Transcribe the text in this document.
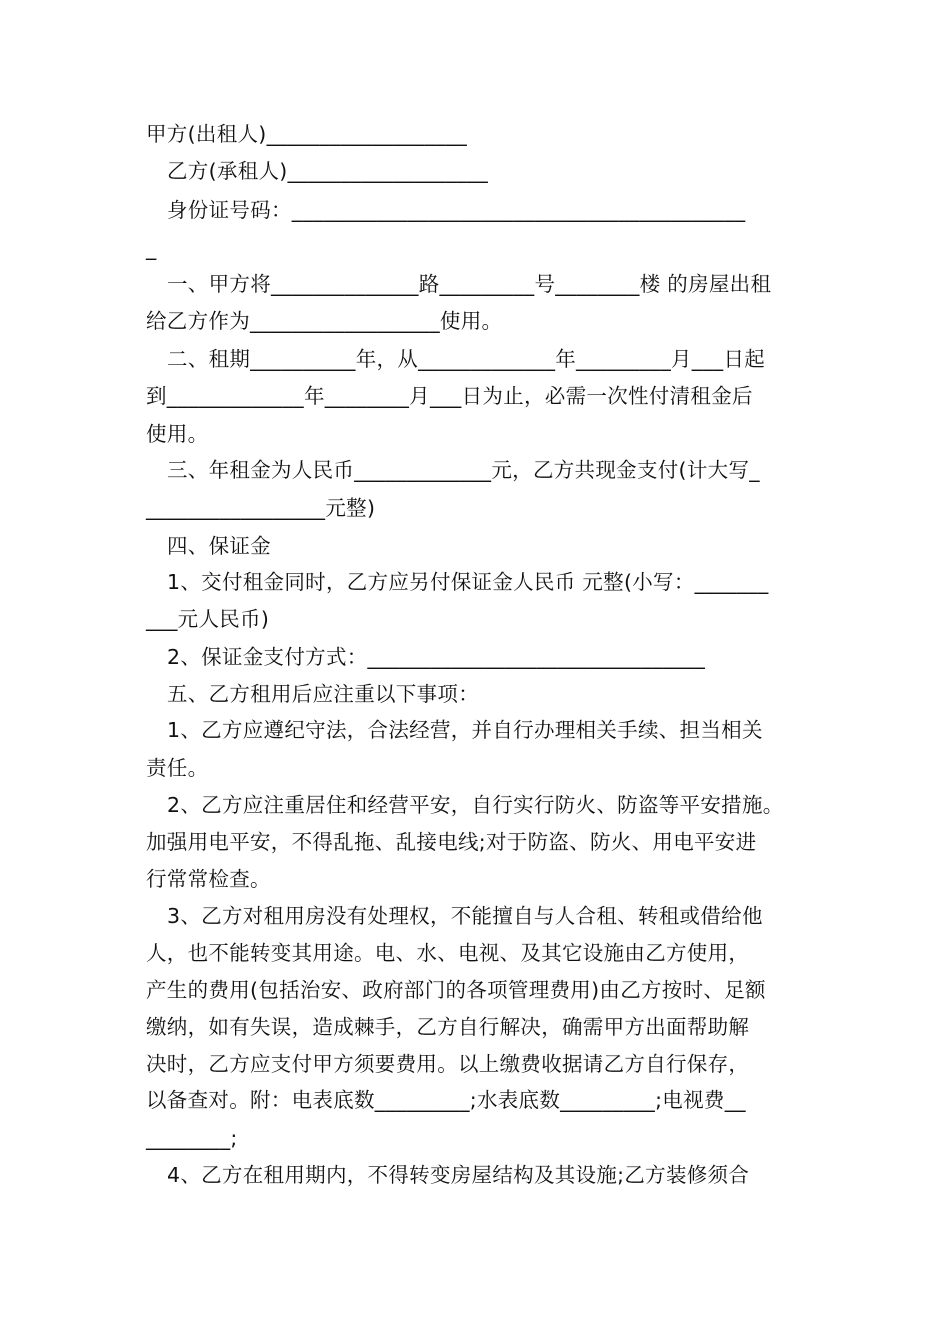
甲方(出租人)___________________
乙方(承租人)___________________
身份证号码：___________________________________________
_
一、甲方将______________路_________号________楼 的房屋出租
给乙方作为__________________使用。
二、租期__________年，从_____________年_________月___日起
到_____________年________月___日为止，必需一次性付清租金后
使用。
三、年租金为人民币_____________元，乙方共现金支付(计大写_
_________________元整)
四、保证金
1、交付租金同时，乙方应另付保证金人民币 元整(小写：_______
___元人民币)
2、保证金支付方式：________________________________
五、乙方租用后应注重以下事项：
1、乙方应遵纪守法，合法经营，并自行办理相关手续、担当相关
责任。
2、乙方应注重居住和经营平安，自行实行防火、防盗等平安措施。
加强用电平安，不得乱拖、乱接电线;对于防盗、防火、用电平安进
行常常检查。
3、乙方对租用房没有处理权，不能擅自与人合租、转租或借给他
人，也不能转变其用途。电、水、电视、及其它设施由乙方使用，
产生的费用(包括治安、政府部门的各项管理费用)由乙方按时、足额
缴纳，如有失误，造成棘手，乙方自行解决，确需甲方出面帮助解
决时，乙方应支付甲方须要费用。以上缴费收据请乙方自行保存，
以备查对。附：电表底数_________;水表底数_________;电视费__
________;
4、乙方在租用期内，不得转变房屋结构及其设施;乙方装修须合
